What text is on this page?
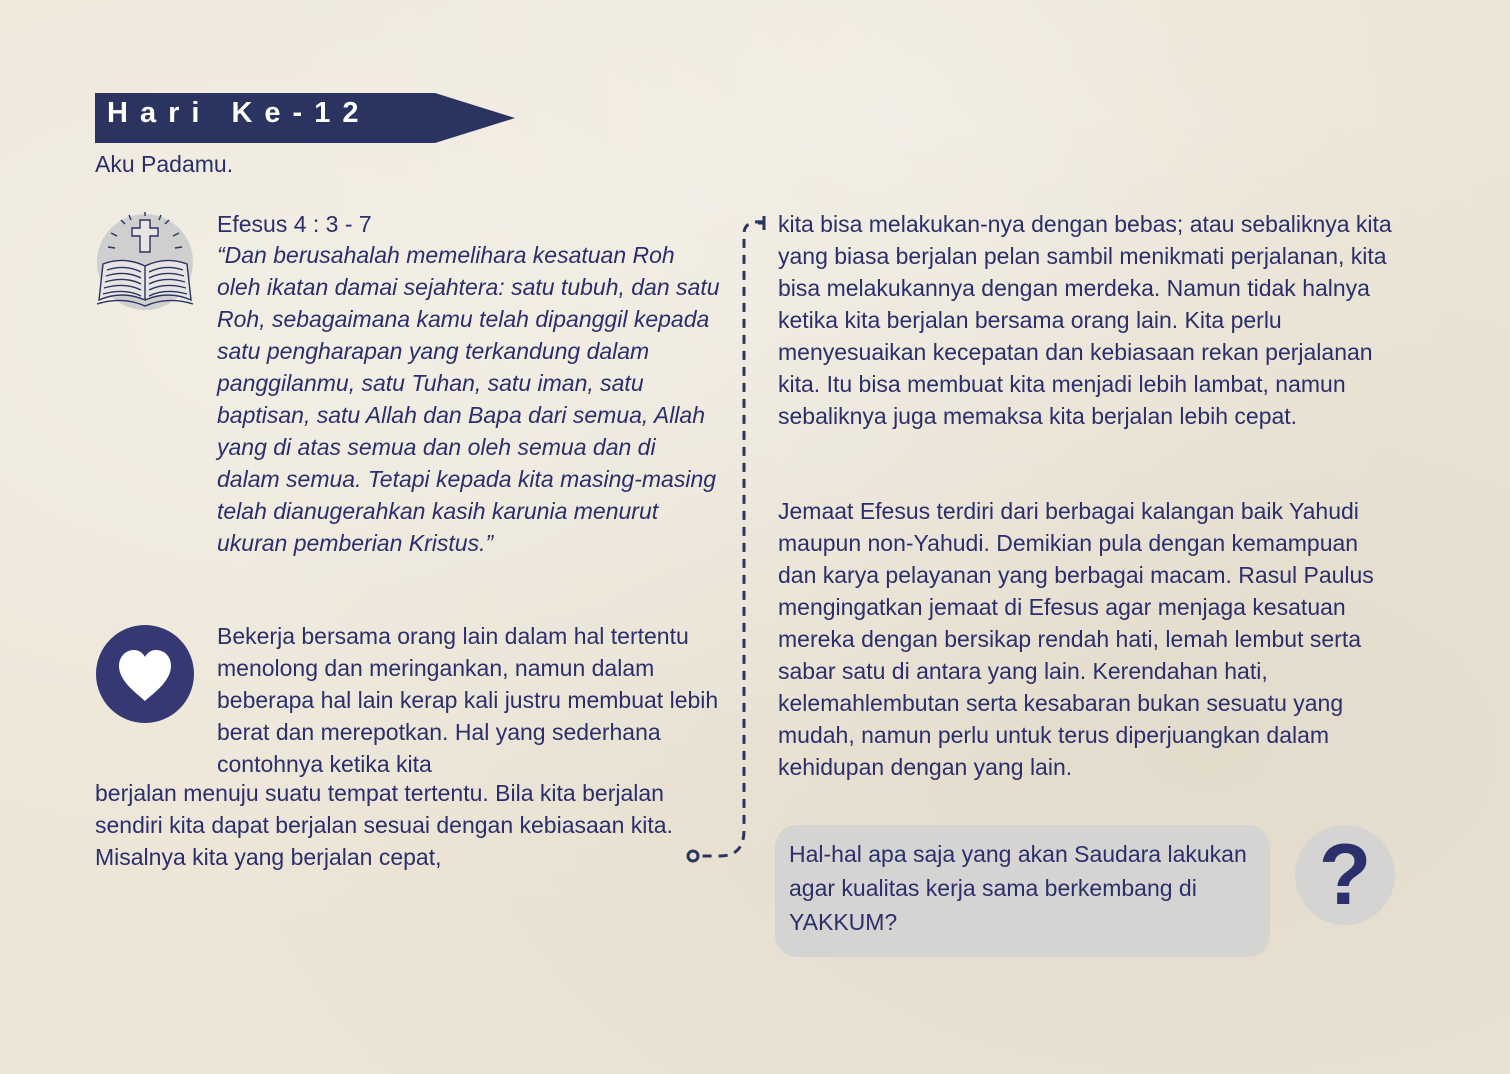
Hari Ke-12
Aku Padamu.
Efesus 4 : 3 - 7

“Dan berusahalah memelihara kesatuan Roh oleh ikatan damai sejahtera: satu tubuh, dan satu Roh, sebagaimana kamu telah dipanggil kepada satu pengharapan yang terkandung dalam panggilanmu, satu Tuhan, satu iman, satu baptisan, satu Allah dan Bapa dari semua, Allah yang di atas semua dan oleh semua dan di dalam semua. Tetapi kepada kita masing-masing telah dianugerahkan kasih karunia menurut ukuran pemberian Kristus.”

Bekerja bersama orang lain dalam hal tertentu menolong dan meringankan, namun dalam beberapa hal lain kerap kali justru membuat lebih berat dan merepotkan. Hal yang sederhana contohnya ketika kita

berjalan menuju suatu tempat tertentu. Bila kita berjalan sendiri kita dapat berjalan sesuai dengan kebiasaan kita. Misalnya kita yang berjalan cepat,

kita bisa melakukan-nya dengan bebas; atau sebaliknya kita yang biasa berjalan pelan sambil menikmati perjalanan, kita bisa melakukannya dengan merdeka. Namun tidak halnya ketika kita berjalan bersama orang lain. Kita perlu menyesuaikan kecepatan dan kebiasaan rekan perjalanan kita. Itu bisa membuat kita menjadi lebih lambat, namun sebaliknya juga memaksa kita berjalan lebih cepat.

Jemaat Efesus terdiri dari berbagai kalangan baik Yahudi maupun non-Yahudi. Demikian pula dengan kemampuan dan karya pelayanan yang berbagai macam. Rasul Paulus mengingatkan jemaat di Efesus agar menjaga kesatuan mereka dengan bersikap rendah hati, lemah lembut serta sabar satu di antara yang lain. Kerendahan hati, kelemahlembutan serta kesabaran bukan sesuatu yang mudah, namun perlu untuk terus diperjuangkan dalam kehidupan dengan yang lain.

Hal-hal apa saja yang akan Saudara lakukan agar kualitas kerja sama berkembang di YAKKUM?	?
